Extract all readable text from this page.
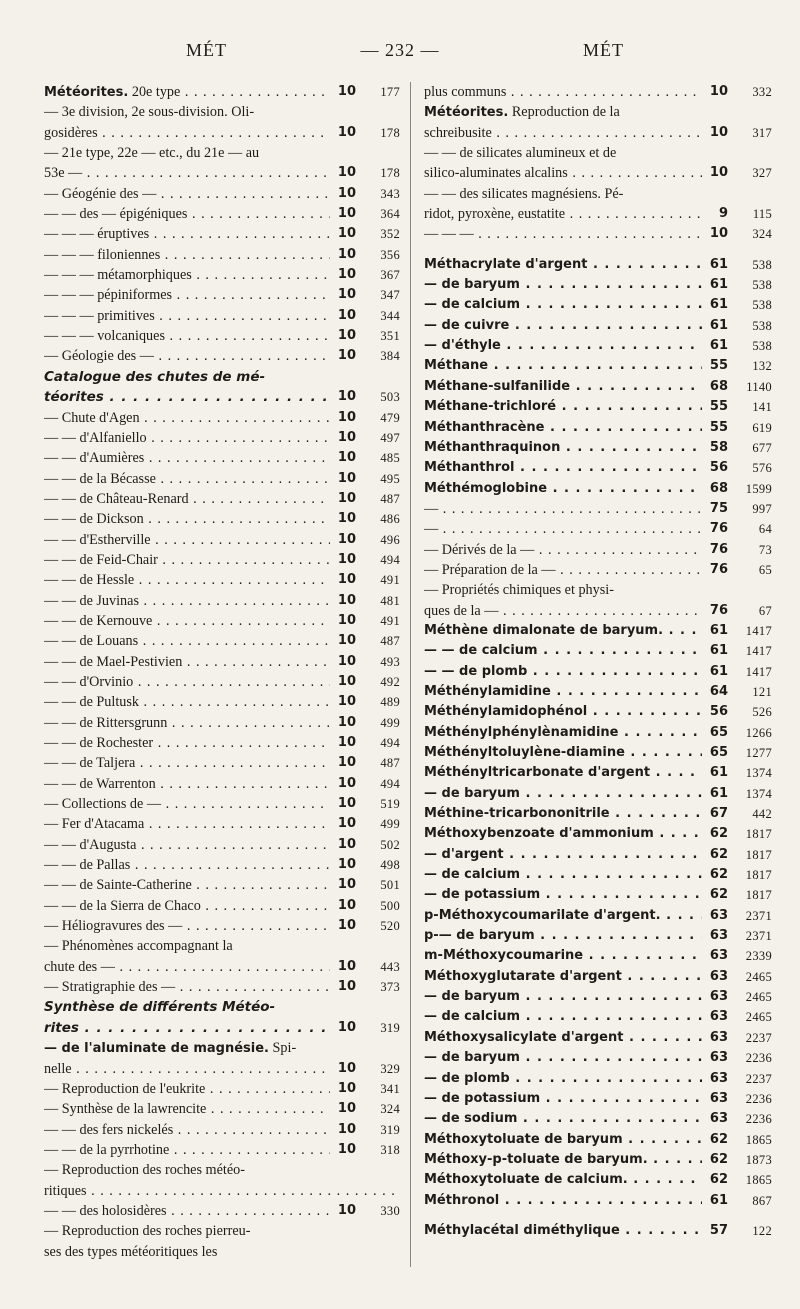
MÉT	— 232 —	MÉT
Météorites. 20e type . . .	10	177
— 3e division, 2e sous-division. Oli-
gosidères . . .	10	178
— 21e type, 22e — etc., du 21e — au
53e — . . .	10	178
— Géogénie des — . . .	10	343
— — des — épigéniques . . .	10	364
— — — éruptives . . .	10	352
— — — filoniennes . . .	10	356
— — — métamorphiques . . .	10	367
— — — pépiniformes . . .	10	347
— — — primitives . . .	10	344
— — — volcaniques . . .	10	351
— Géologie des — . . .	10	384
Catalogue des chutes de mé-
téorites . . .	10	503
— Chute d'Agen . . .	10	479
— — d'Alfaniello . . .	10	497
— — d'Aumières . . .	10	485
— — de la Bécasse . . .	10	495
— — de Château-Renard . . .	10	487
— — de Dickson . . .	10	486
— — d'Estherville . . .	10	496
— — de Feid-Chair . . .	10	494
— — de Hessle . . .	10	491
— — de Juvinas . . .	10	481
— — de Kernouve . . .	10	491
— — de Louans . . .	10	487
— — de Mael-Pestivien . . .	10	493
— — d'Orvinio . . .	10	492
— — de Pultusk . . .	10	489
— — de Rittersgrunn . . .	10	499
— — de Rochester . . .	10	494
— — de Taljera . . .	10	487
— — de Warrenton . . .	10	494
— Collections de — . . .	10	519
— Fer d'Atacama . . .	10	499
— — d'Augusta . . .	10	502
— — de Pallas . . .	10	498
— — de Sainte-Catherine . . .	10	501
— — de la Sierra de Chaco . . .	10	500
— Héliogravures des — . . .	10	520
— Phénomènes accompagnant la
chute des — . . .	10	443
— Stratigraphie des — . . .	10	373
Synthèse de différents Météo-
rites . . .	10	319
— de l'aluminate de magnésie. Spi-
nelle . . .	10	329
— Reproduction de l'eukrite . . .	10	341
— Synthèse de la lawrencite . . .	10	324
— — des fers nickelés . . .	10	319
— — de la pyrrhotine . . .	10	318
— Reproduction des roches météo-
ritiques . . .
— — des holosidères . . .	10	330
— Reproduction des roches pierreu-
ses des types météoritiques les
plus communs . . .	10	332
Météorites. Reproduction de la
schreibusite . . .	10	317
— — de silicates alumineux et de
silico-aluminates alcalins . . .	10	327
— — des silicates magnésiens. Pé-
ridot, pyroxène, eustatite . . .	9	115
— — — . . .	10	324
Méthacrylate d'argent . . .	61	538
— de baryum . . .	61	538
— de calcium . . .	61	538
— de cuivre . . .	61	538
— d'éthyle . . .	61	538
Méthane . . .	55	132
Méthane-sulfanilide . . .	68	1140
Méthane-trichloré . . .	55	141
Méthanthracène . . .	55	619
Méthanthraquinon . . .	58	677
Méthanthrol . . .	56	576
Méthémoglobine . . .	68	1599
— . . .	75	997
— . . .	76	64
— Dérivés de la — . . .	76	73
— Préparation de la — . . .	76	65
— Propriétés chimiques et physi-
ques de la — . . .	76	67
Méthène dimalonate de baryum. . . .	61	1417
— — de calcium . . .	61	1417
— — de plomb . . .	61	1417
Méthénylamidine . . .	64	121
Méthénylamidophénol . . .	56	526
Méthénylphénylènamidine . . .	65	1266
Méthényltoluylène-diamine . . .	65	1277
Méthényltricarbonate d'argent . . .	61	1374
— de baryum . . .	61	1374
Méthine-tricarbononitrile . . .	67	442
Méthoxybenzoate d'ammonium . . .	62	1817
— d'argent . . .	62	1817
— de calcium . . .	62	1817
— de potassium . . .	62	1817
p-Méthoxycoumarilate d'argent. . . .	63	2371
p-— de baryum . . .	63	2371
m-Méthoxycoumarine . . .	63	2339
Méthoxyglutarate d'argent . . .	63	2465
— de baryum . . .	63	2465
— de calcium . . .	63	2465
Méthoxysalicylate d'argent . . .	63	2237
— de baryum . . .	63	2236
— de plomb . . .	63	2237
— de potassium . . .	63	2236
— de sodium . . .	63	2236
Méthoxytoluate de baryum . . .	62	1865
Méthoxy-p-toluate de baryum. . . .	62	1873
Méthoxytoluate de calcium. . . .	62	1865
Méthronol . . .	61	867
Méthylacétal diméthylique . . .	57	122
